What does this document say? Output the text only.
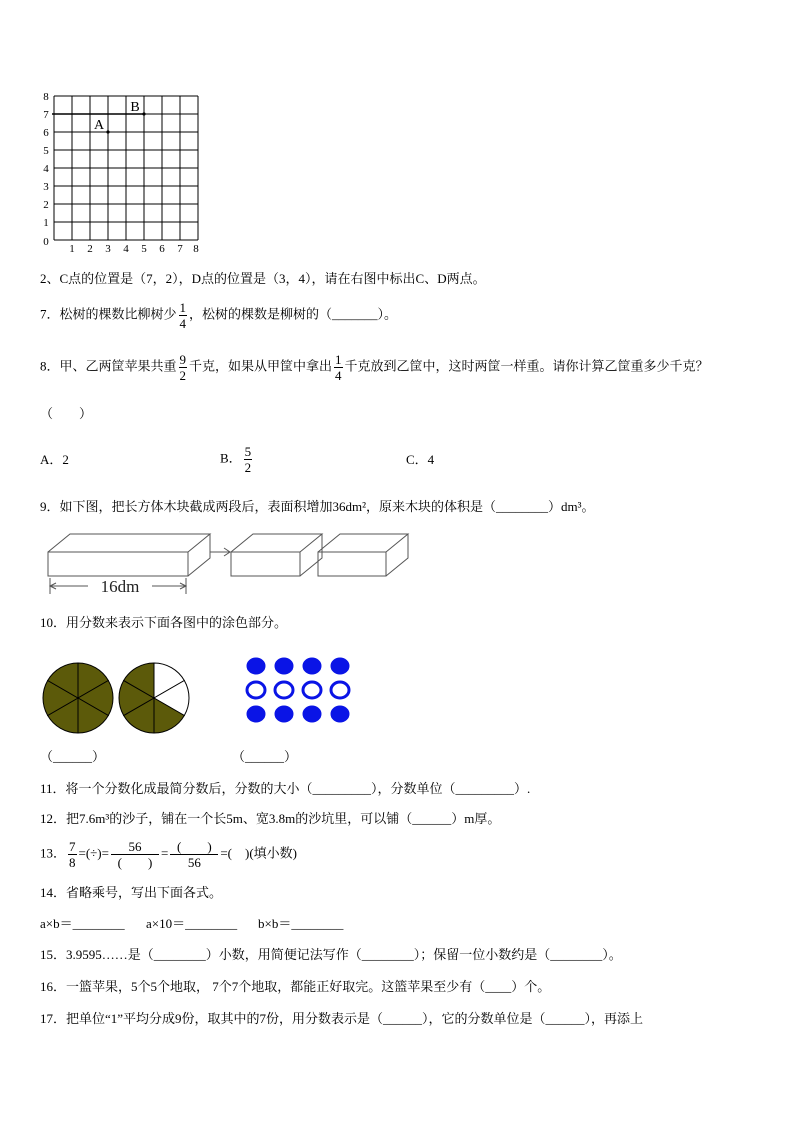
1 2 3 4 5 6 7 8
0
1
2
3
4
5
6
7
8
A
B
2、C点的位置是（7，2），D点的位置是（3，4），请在右图中标出C、D两点。
7．松树的棵数比柳树少 $\frac{1}{4}$ ，松树的棵数是柳树的（_______）。
8．甲、乙两筐苹果共重 $\frac{9}{2}$ 千克，如果从甲筐中拿出 $\frac{1}{4}$ 千克放到乙筐中，这时两筐一样重。请你计算乙筐重多少千克？
（　　）
A．2	B． $\frac{5}{2}$	C．4
9．如下图，把长方体木块截成两段后，表面积增加36dm²，原来木块的体积是（________）dm³。
16dm
10．用分数来表示下面各图中的涂色部分。
（______）	（______）
11．将一个分数化成最简分数后，分数的大小（_________），分数单位（_________）.
12．把7.6m³的沙子，铺在一个长5m、宽3.8m的沙坑里，可以铺（______）m厚。
13． $\frac{7}{8}$ =(÷)= $\frac{56}{( )} = \frac{( )}{56}$ =(　)(填小数)
14．省略乘号，写出下面各式。
a×b＝________ a×10＝________ b×b＝________
15．3.9595……是（________）小数，用简便记法写作（________）；保留一位小数约是（________）。
16．一篮苹果，5个5个地取， 7个7个地取，都能正好取完。这篮苹果至少有（____）个。
17．把单位“1”平均分成9份，取其中的7份，用分数表示是（______），它的分数单位是（______），再添上
